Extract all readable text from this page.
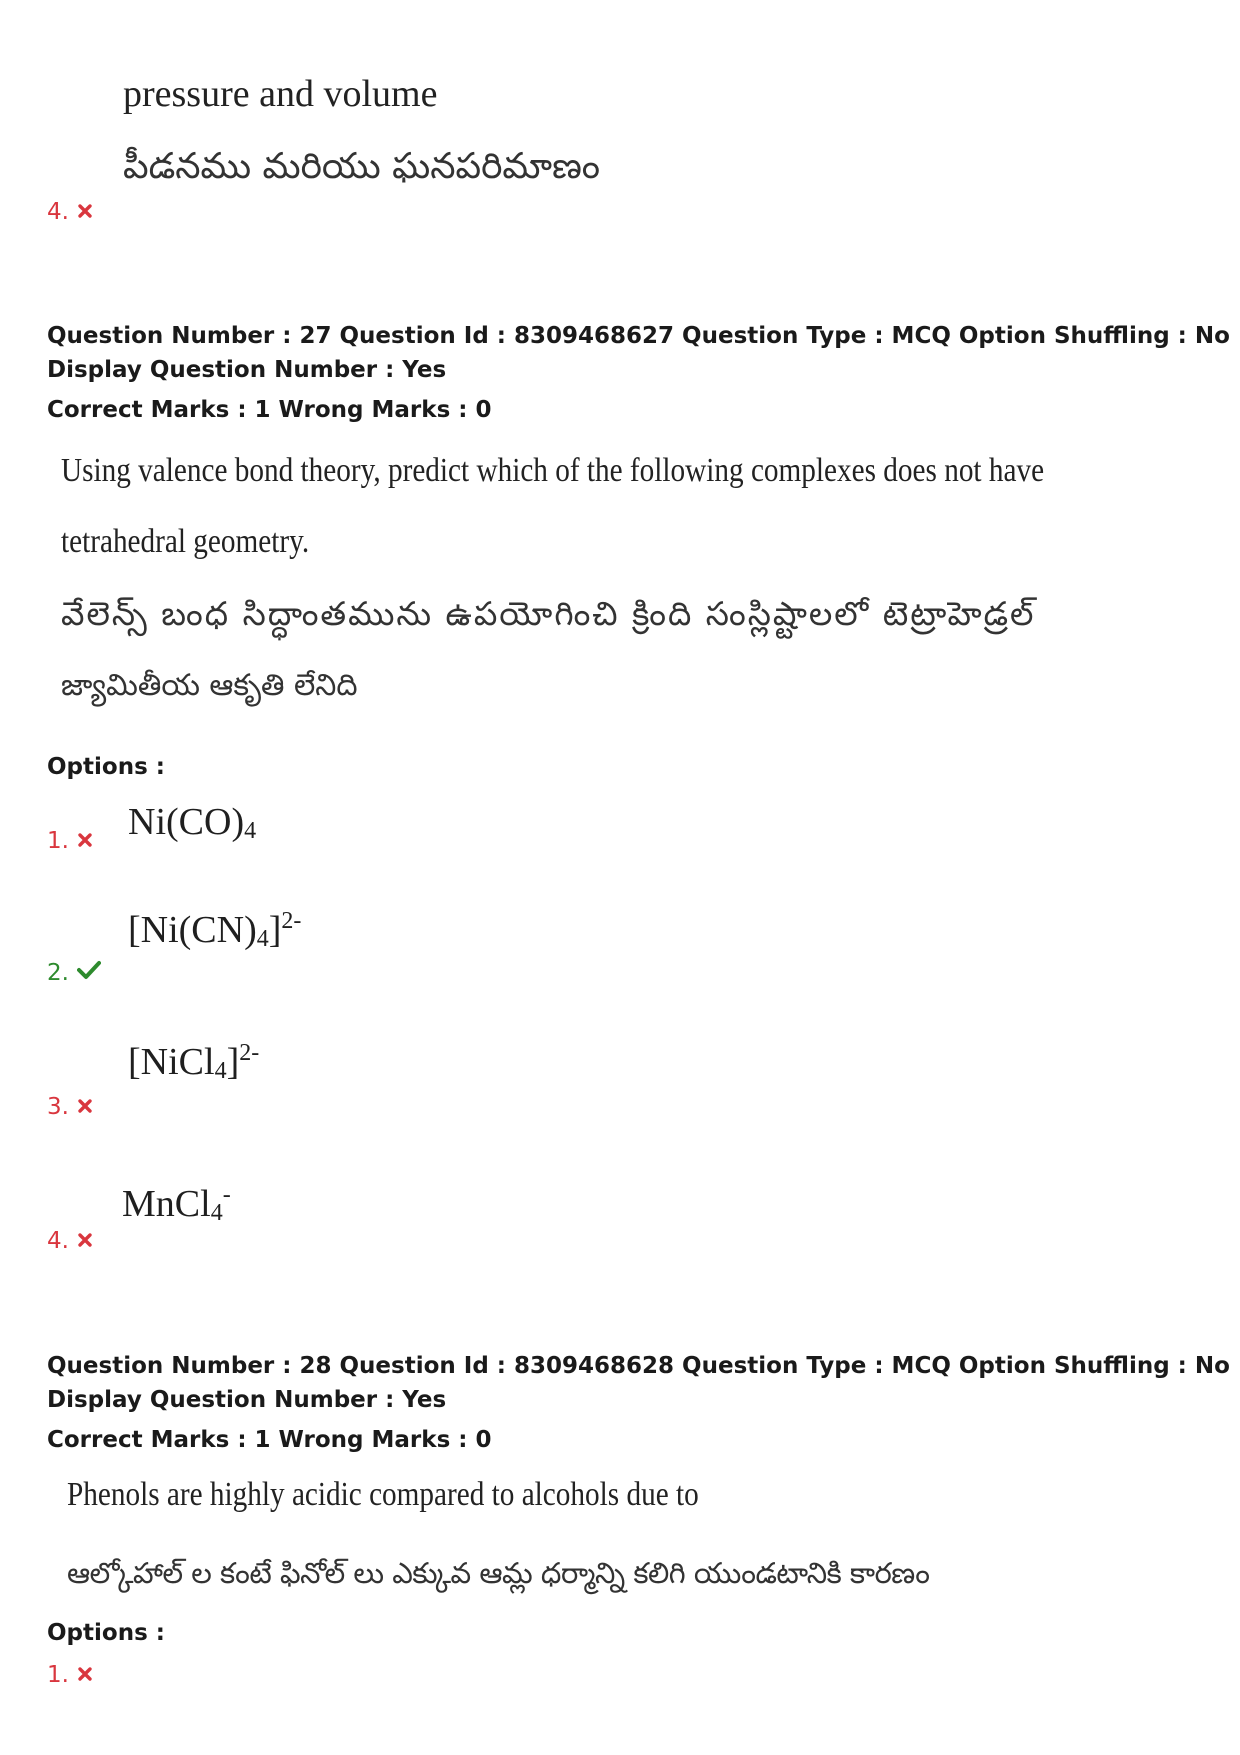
pressure and volume
పీడనము మరియు ఘనపరిమాణం
4.
Question Number : 27 Question Id : 8309468627 Question Type : MCQ Option Shuffling : No
Display Question Number : Yes
Correct Marks : 1 Wrong Marks : 0
Using valence bond theory, predict which of the following complexes does not have
tetrahedral geometry.
వేలెన్స్ బంధ సిద్ధాంతమును ఉపయోగించి క్రింది సంస్లిష్టాలలో టెట్రాహెడ్రల్
జ్యామితీయ ఆకృతి లేనిది
Options :
$Ni(CO)_4$
1.
$[Ni(CN)_4]^{2-}$
2.
[NiCl$_4$]$^{2-}$
3.
MnCl$_4$-
4.
Question Number : 28 Question Id : 8309468628 Question Type : MCQ Option Shuffling : No
Display Question Number : Yes
Correct Marks : 1 Wrong Marks : 0
Phenols are highly acidic compared to alcohols due to
ఆల్కోహాల్ ల కంటే ఫినోల్ లు ఎక్కువ ఆమ్ల ధర్మాన్ని కలిగి యుండటానికి కారణం
Options :
1.
